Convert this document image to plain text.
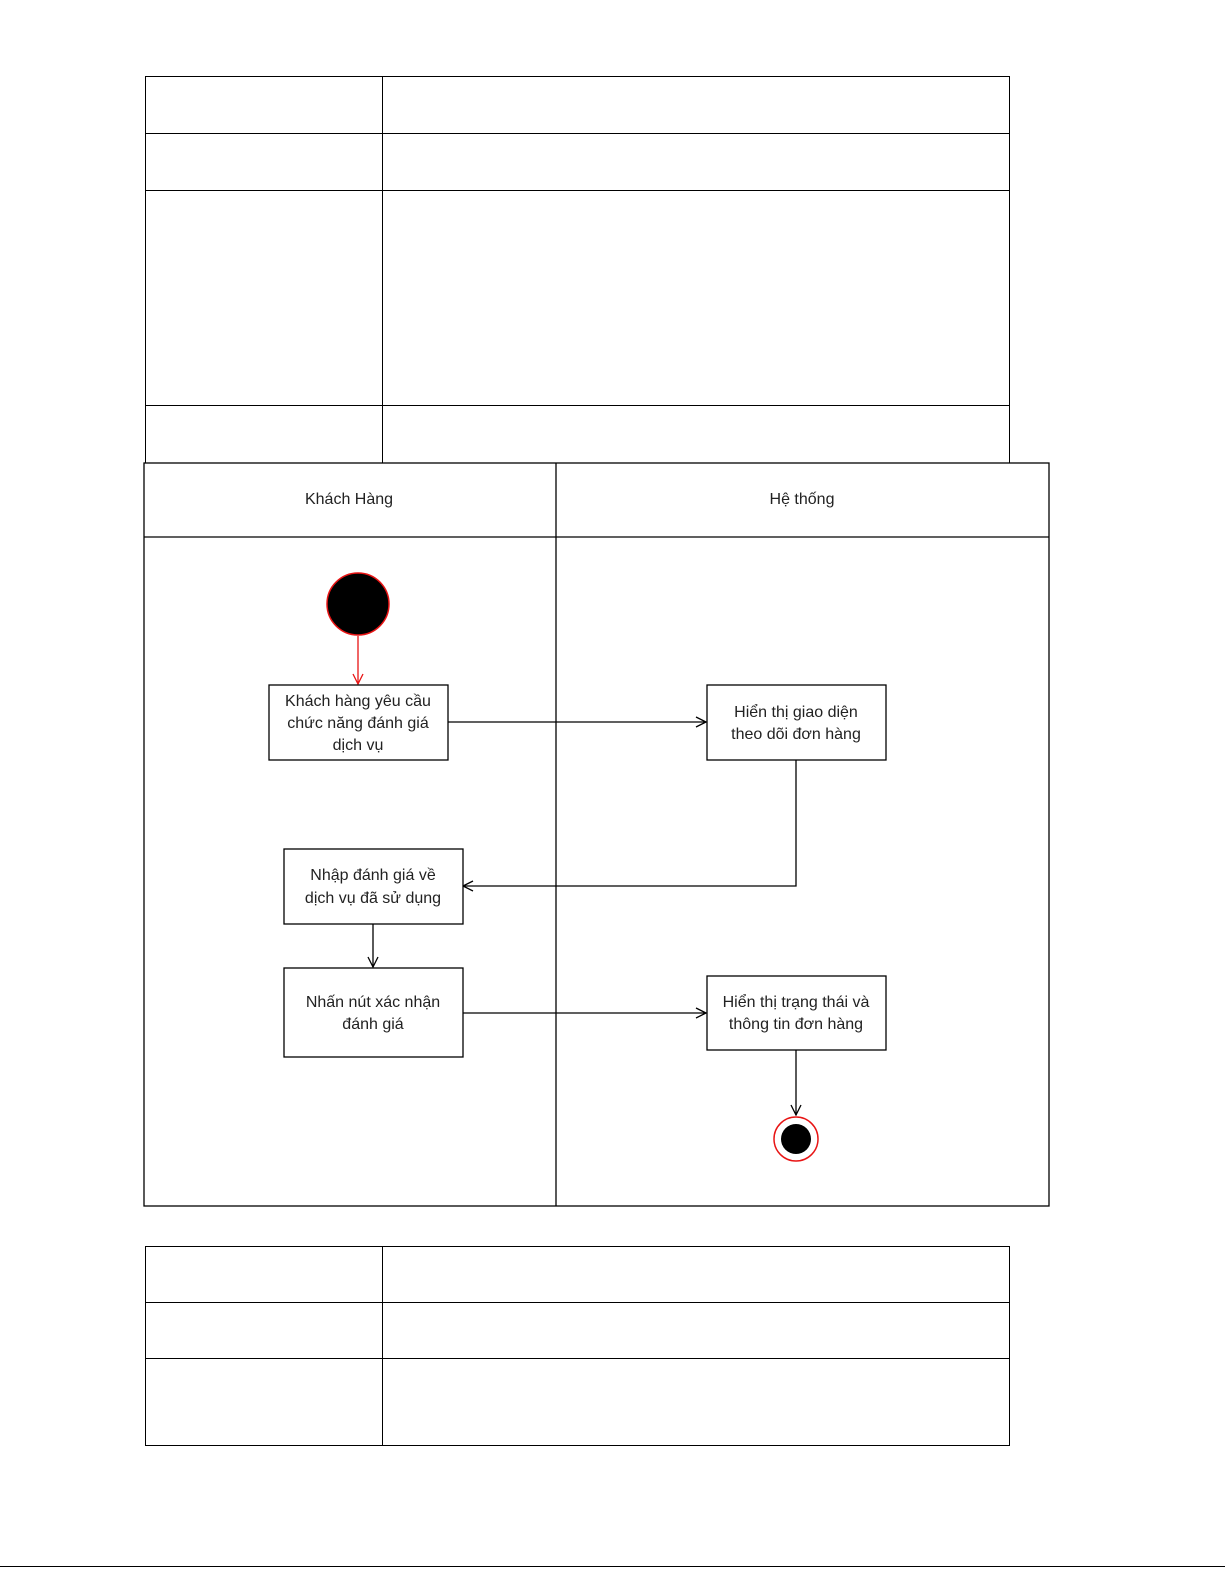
Khách Hàng	Hệ thống
Khách hàng yêu cầu
chức năng đánh giá
dịch vụ
Hiển thị giao diện
theo dõi đơn hàng
Nhập đánh giá về
dịch vụ đã sử dụng
Nhấn nút xác nhận
đánh giá
Hiển thị trạng thái và
thông tin đơn hàng
